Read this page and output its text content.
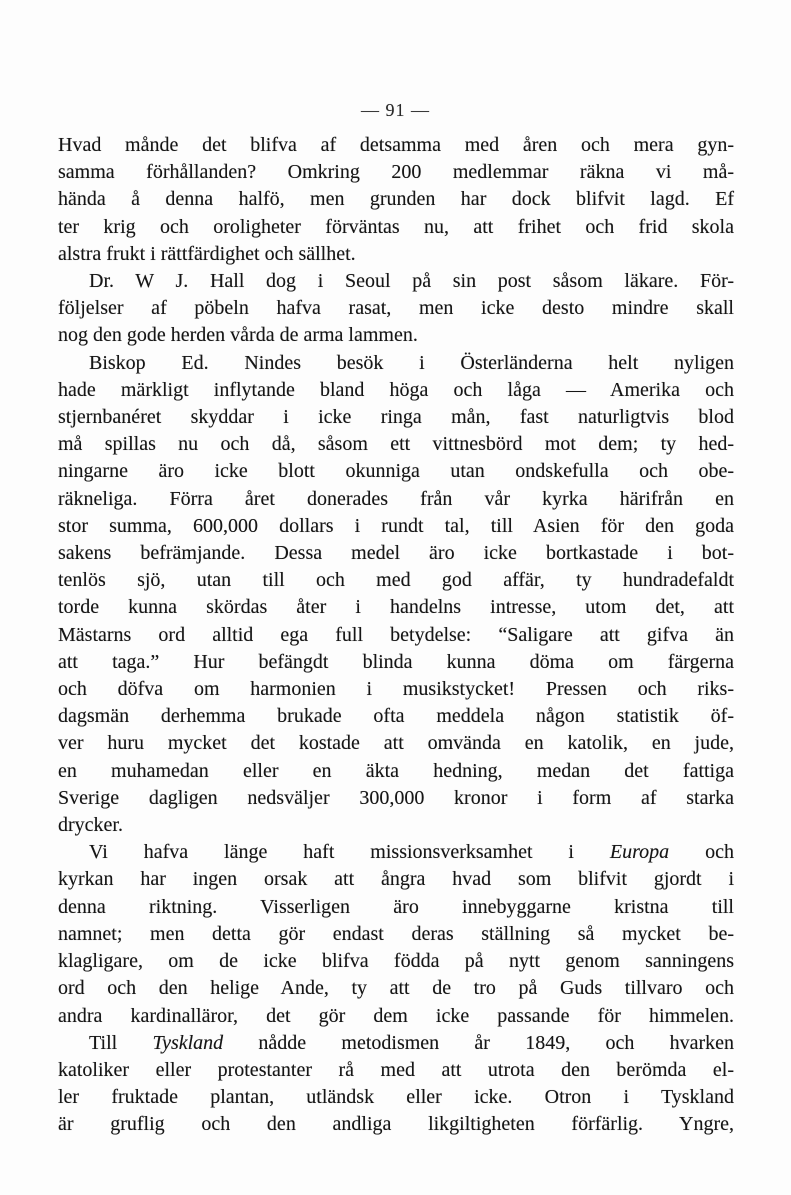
— 91 —
Hvad månde det blifva af detsamma med åren och mera gyn-
samma förhållanden? Omkring 200 medlemmar räkna vi må-
hända å denna halfö, men grunden har dock blifvit lagd. Ef
ter krig och oroligheter förväntas nu, att frihet och frid skola
alstra frukt i rättfärdighet och sällhet.
Dr. W J. Hall dog i Seoul på sin post såsom läkare. För-
följelser af pöbeln hafva rasat, men icke desto mindre skall
nog den gode herden vårda de arma lammen.
Biskop Ed. Nindes besök i Österländerna helt nyligen
hade märkligt inflytande bland höga och låga — Amerika och
stjernbanéret skyddar i icke ringa mån, fast naturligtvis blod
må spillas nu och då, såsom ett vittnesbörd mot dem; ty hed-
ningarne äro icke blott okunniga utan ondskefulla och obe-
räkneliga. Förra året donerades från vår kyrka härifrån en
stor summa, 600,000 dollars i rundt tal, till Asien för den goda
sakens befrämjande. Dessa medel äro icke bortkastade i bot-
tenlös sjö, utan till och med god affär, ty hundradefaldt
torde kunna skördas åter i handelns intresse, utom det, att
Mästarns ord alltid ega full betydelse: “Saligare att gifva än
att taga.” Hur befängdt blinda kunna döma om färgerna
och döfva om harmonien i musikstycket! Pressen och riks-
dagsmän derhemma brukade ofta meddela någon statistik öf-
ver huru mycket det kostade att omvända en katolik, en jude,
en muhamedan eller en äkta hedning, medan det fattiga
Sverige dagligen nedsväljer 300,000 kronor i form af starka
drycker.
Vi hafva länge haft missionsverksamhet i Europa och
kyrkan har ingen orsak att ångra hvad som blifvit gjordt i
denna riktning. Visserligen äro innebyggarne kristna till
namnet; men detta gör endast deras ställning så mycket be-
klagligare, om de icke blifva födda på nytt genom sanningens
ord och den helige Ande, ty att de tro på Guds tillvaro och
andra kardinalläror, det gör dem icke passande för himmelen.
Till Tyskland nådde metodismen år 1849, och hvarken
katoliker eller protestanter rå med att utrota den berömda el-
ler fruktade plantan, utländsk eller icke. Otron i Tyskland
är gruflig och den andliga likgiltigheten förfärlig. Yngre,
